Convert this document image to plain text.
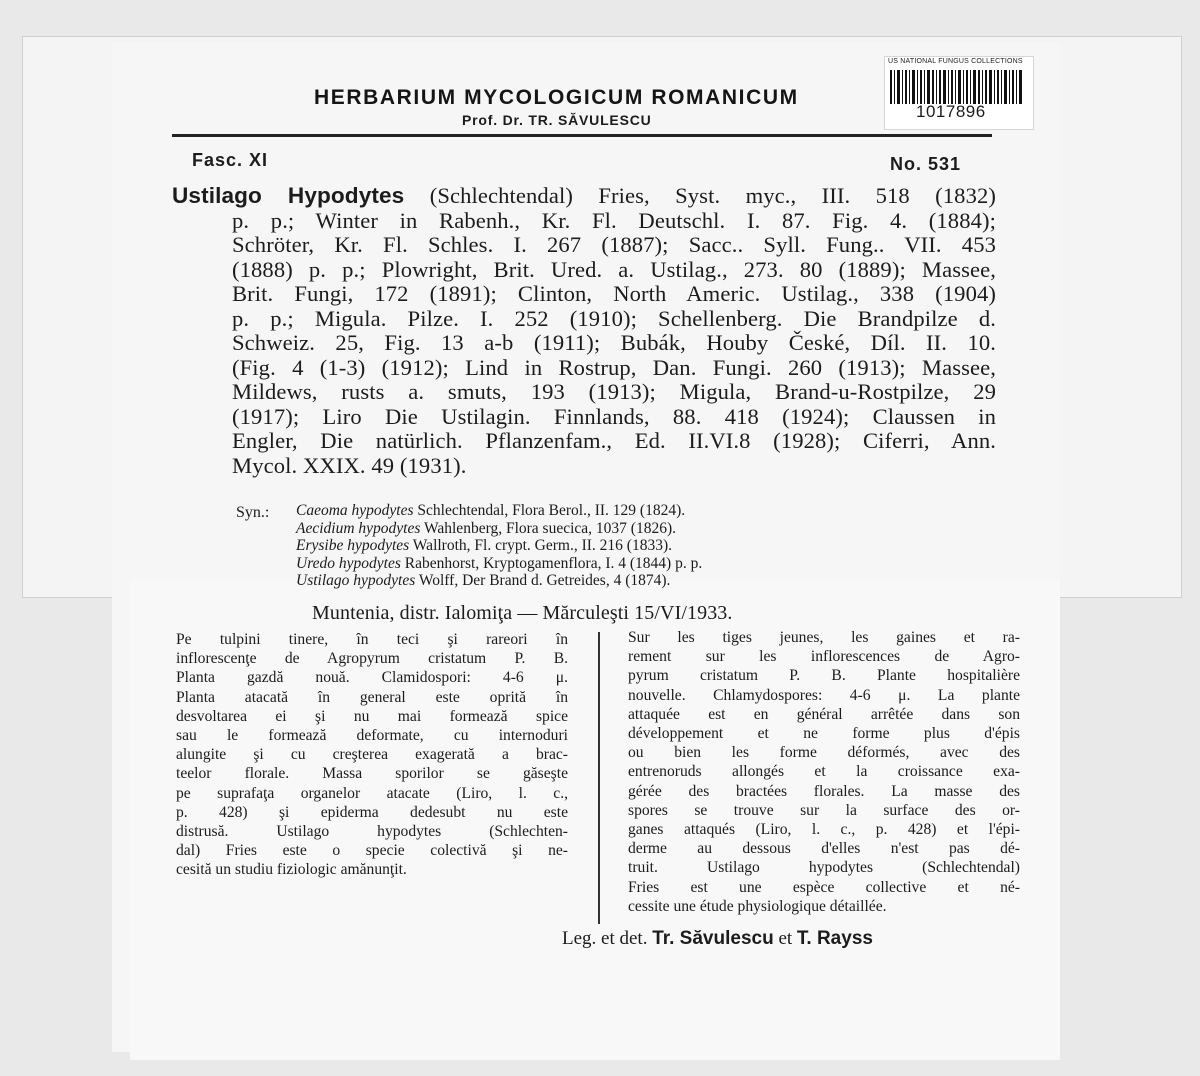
HERBARIUM MYCOLOGICUM ROMANICUM
Prof. Dr. TR. SĂVULESCU
US NATIONAL FUNGUS COLLECTIONS
1017896
Fasc. XI	No. 531
Ustilago Hypodytes (Schlechtendal) Fries, Syst. myc., III. 518 (1832)
p. p.; Winter in Rabenh., Kr. Fl. Deutschl. I. 87. Fig. 4. (1884);
Schröter, Kr. Fl. Schles. I. 267 (1887); Sacc.. Syll. Fung.. VII. 453
(1888) p. p.; Plowright, Brit. Ured. a. Ustilag., 273. 80 (1889); Massee,
Brit. Fungi, 172 (1891); Clinton, North Americ. Ustilag., 338 (1904)
p. p.; Migula. Pilze. I. 252 (1910); Schellenberg. Die Brandpilze d.
Schweiz. 25, Fig. 13 a-b (1911); Bubák, Houby České, Díl. II. 10.
(Fig. 4 (1-3) (1912); Lind in Rostrup, Dan. Fungi. 260 (1913); Massee,
Mildews, rusts a. smuts, 193 (1913); Migula, Brand-u-Rostpilze, 29
(1917); Liro Die Ustilagin. Finnlands, 88. 418 (1924); Claussen in
Engler, Die natürlich. Pflanzenfam., Ed. II.VI.8 (1928); Ciferri, Ann.
Mycol. XXIX. 49 (1931).
Syn.: Caeoma hypodytes Schlechtendal, Flora Berol., II. 129 (1824).
Aecidium hypodytes Wahlenberg, Flora suecica, 1037 (1826).
Erysibe hypodytes Wallroth, Fl. crypt. Germ., II. 216 (1833).
Uredo hypodytes Rabenhorst, Kryptogamenflora, I. 4 (1844) p. p.
Ustilago hypodytes Wolff, Der Brand d. Getreides, 4 (1874).
Muntenia, distr. Ialomiţa — Mărculeşti 15/VI/1933.
Pe tulpini tinere, în teci şi rareori în
inflorescenţe de Agropyrum cristatum P. B.
Planta gazdă nouă. Clamidospori: 4-6 μ.
Planta atacată în general este oprită în
desvoltarea ei şi nu mai formează spice
sau le formează deformate, cu internoduri
alungite şi cu creşterea exagerată a brac-
teelor florale. Massa sporilor se găseşte
pe suprafaţa organelor atacate (Liro, l. c.,
p. 428) şi epiderma dedesubt nu este
distrusă. Ustilago hypodytes (Schlechten-
dal) Fries este o specie colectivă şi ne-
cesită un studiu fiziologic amănunţit.
Sur les tiges jeunes, les gaines et ra-
rement sur les inflorescences de Agro-
pyrum cristatum P. B. Plante hospitalière
nouvelle. Chlamydospores: 4-6 μ. La plante
attaquée est en général arrêtée dans son
développement et ne forme plus d'épis
ou bien les forme déformés, avec des
entrenoruds allongés et la croissance exa-
gérée des bractées florales. La masse des
spores se trouve sur la surface des or-
ganes attaqués (Liro, l. c., p. 428) et l'épi-
derme au dessous d'elles n'est pas dé-
truit. Ustilago hypodytes (Schlechtendal)
Fries est une espèce collective et né-
cessite une étude physiologique détaillée.
Leg. et det. Tr. Săvulescu et T. Rayss
